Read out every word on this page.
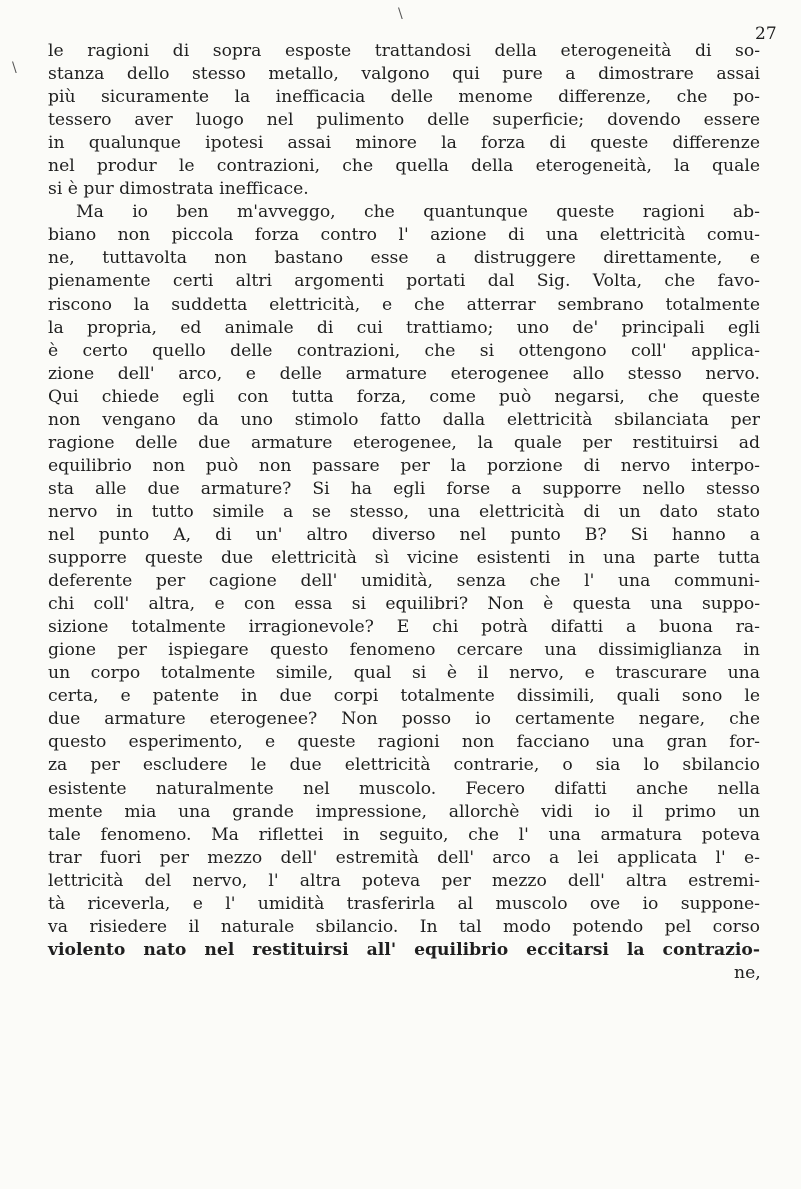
\
\
27
le ragioni di sopra esposte trattandosi della eterogeneità di so-
stanza dello stesso metallo, valgono qui pure a dimostrare assai
più sicuramente la inefficacia delle menome differenze, che po-
tessero aver luogo nel pulimento delle superficie; dovendo essere
in qualunque ipotesi assai minore la forza di queste differenze
nel produr le contrazioni, che quella della eterogeneità, la quale
si è pur dimostrata inefficace.
Ma io ben m'avveggo, che quantunque queste ragioni ab-
biano non piccola forza contro l' azione di una elettricità comu-
ne, tuttavolta non bastano esse a distruggere direttamente, e
pienamente certi altri argomenti portati dal Sig. Volta, che favo-
riscono la suddetta elettricità, e che atterrar sembrano totalmente
la propria, ed animale di cui trattiamo; uno de' principali egli
è certo quello delle contrazioni, che si ottengono coll' applica-
zione dell' arco, e delle armature eterogenee allo stesso nervo.
Qui chiede egli con tutta forza, come può negarsi, che queste
non vengano da uno stimolo fatto dalla elettricità sbilanciata per
ragione delle due armature eterogenee, la quale per restituirsi ad
equilibrio non può non passare per la porzione di nervo interpo-
sta alle due armature? Si ha egli forse a supporre nello stesso
nervo in tutto simile a se stesso, una elettricità di un dato stato
nel punto A, di un' altro diverso nel punto B? Si hanno a
supporre queste due elettricità sì vicine esistenti in una parte tutta
deferente per cagione dell' umidità, senza che l' una communi-
chi coll' altra, e con essa si equilibri? Non è questa una suppo-
sizione totalmente irragionevole? E chi potrà difatti a buona ra-
gione per ispiegare questo fenomeno cercare una dissimiglianza in
un corpo totalmente simile, qual si è il nervo, e trascurare una
certa, e patente in due corpi totalmente dissimili, quali sono le
due armature eterogenee? Non posso io certamente negare, che
questo esperimento, e queste ragioni non facciano una gran for-
za per escludere le due elettricità contrarie, o sia lo sbilancio
esistente naturalmente nel muscolo. Fecero difatti anche nella
mente mia una grande impressione, allorchè vidi io il primo un
tale fenomeno. Ma riflettei in seguito, che l' una armatura poteva
trar fuori per mezzo dell' estremità dell' arco a lei applicata l' e-
lettricità del nervo, l' altra poteva per mezzo dell' altra estremi-
tà riceverla, e l' umidità trasferirla al muscolo ove io suppone-
va risiedere il naturale sbilancio. In tal modo potendo pel corso
violento nato nel restituirsi all' equilibrio eccitarsi la contrazio-
ne,
